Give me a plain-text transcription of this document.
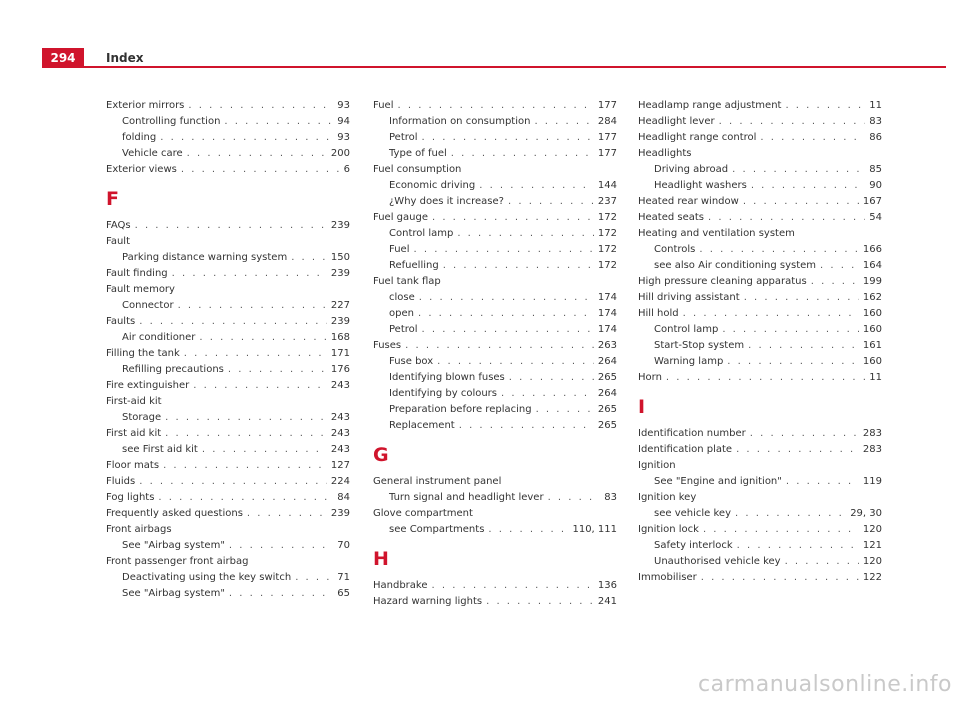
294	Index
Exterior mirrors . . .	93
Controlling function . . .	94
folding . . .	93
Vehicle care . . .	200
Exterior views . . .	6
F
FAQs . . .	239
Fault
Parking distance warning system . . .	150
Fault finding . . .	239
Fault memory
Connector . . .	227
Faults . . .	239
Air conditioner . . .	168
Filling the tank . . .	171
Refilling precautions . . .	176
Fire extinguisher . . .	243
First-aid kit
Storage . . .	243
First aid kit . . .	243
see First aid kit . . .	243
Floor mats . . .	127
Fluids . . .	224
Fog lights . . .	84
Frequently asked questions . . .	239
Front airbags
See "Airbag system" . . .	70
Front passenger front airbag
Deactivating using the key switch . . .	71
See "Airbag system" . . .	65
Fuel . . .	177
Information on consumption . . .	284
Petrol . . .	177
Type of fuel . . .	177
Fuel consumption
Economic driving . . .	144
¿Why does it increase? . . .	237
Fuel gauge . . .	172
Control lamp . . .	172
Fuel . . .	172
Refuelling . . .	172
Fuel tank flap
close . . .	174
open . . .	174
Petrol . . .	174
Fuses . . .	263
Fuse box . . .	264
Identifying blown fuses . . .	265
Identifying by colours . . .	264
Preparation before replacing . . .	265
Replacement . . .	265
G
General instrument panel
Turn signal and headlight lever . . .	83
Glove compartment
see Compartments . . .	110, 111
H
Handbrake . . .	136
Hazard warning lights . . .	241
Headlamp range adjustment . . .	11
Headlight lever . . .	83
Headlight range control . . .	86
Headlights
Driving abroad . . .	85
Headlight washers . . .	90
Heated rear window . . .	167
Heated seats . . .	54
Heating and ventilation system
Controls . . .	166
see also Air conditioning system . . .	164
High pressure cleaning apparatus . . .	199
Hill driving assistant . . .	162
Hill hold . . .	160
Control lamp . . .	160
Start-Stop system . . .	161
Warning lamp . . .	160
Horn . . .	11
I
Identification number . . .	283
Identification plate . . .	283
Ignition
See "Engine and ignition" . . .	119
Ignition key
see vehicle key . . .	29, 30
Ignition lock . . .	120
Safety interlock . . .	121
Unauthorised vehicle key . . .	120
Immobiliser . . .	122
carmanualsonline.info
